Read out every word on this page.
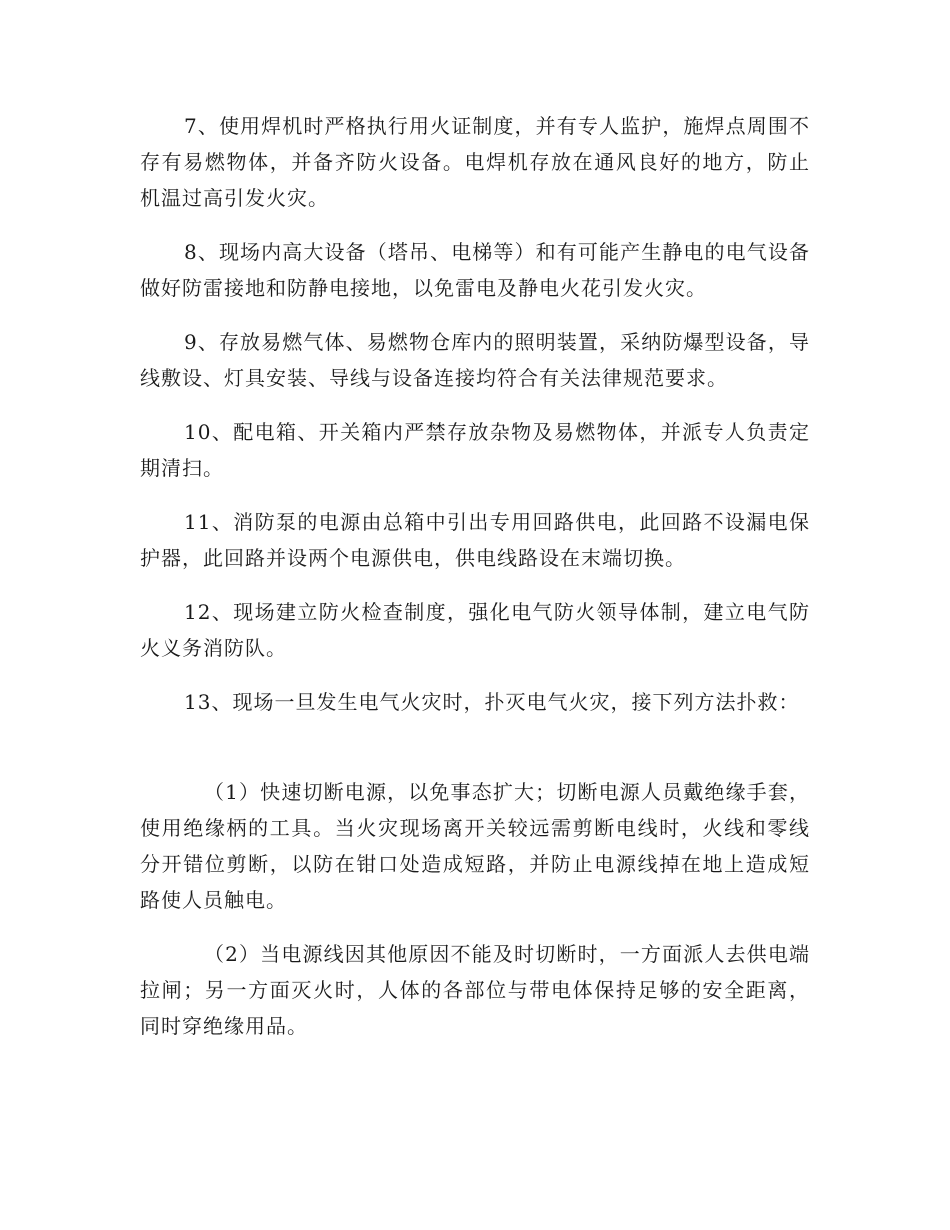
7、使用焊机时严格执行用火证制度，并有专人监护，施焊点周围不存有易燃物体，并备齐防火设备。电焊机存放在通风良好的地方，防止机温过高引发火灾。

8、现场内高大设备（塔吊、电梯等）和有可能产生静电的电气设备做好防雷接地和防静电接地，以免雷电及静电火花引发火灾。

9、存放易燃气体、易燃物仓库内的照明装置，采纳防爆型设备，导线敷设、灯具安装、导线与设备连接均符合有关法律规范要求。

10、配电箱、开关箱内严禁存放杂物及易燃物体，并派专人负责定期清扫。

11、消防泵的电源由总箱中引出专用回路供电，此回路不设漏电保护器，此回路并设两个电源供电，供电线路设在末端切换。

12、现场建立防火检查制度，强化电气防火领导体制，建立电气防火义务消防队。

13、现场一旦发生电气火灾时，扑灭电气火灾，接下列方法扑救：

（1）快速切断电源，以免事态扩大；切断电源人员戴绝缘手套，使用绝缘柄的工具。当火灾现场离开关较远需剪断电线时，火线和零线分开错位剪断，以防在钳口处造成短路，并防止电源线掉在地上造成短路使人员触电。

（2）当电源线因其他原因不能及时切断时，一方面派人去供电端拉闸；另一方面灭火时，人体的各部位与带电体保持足够的安全距离，同时穿绝缘用品。
